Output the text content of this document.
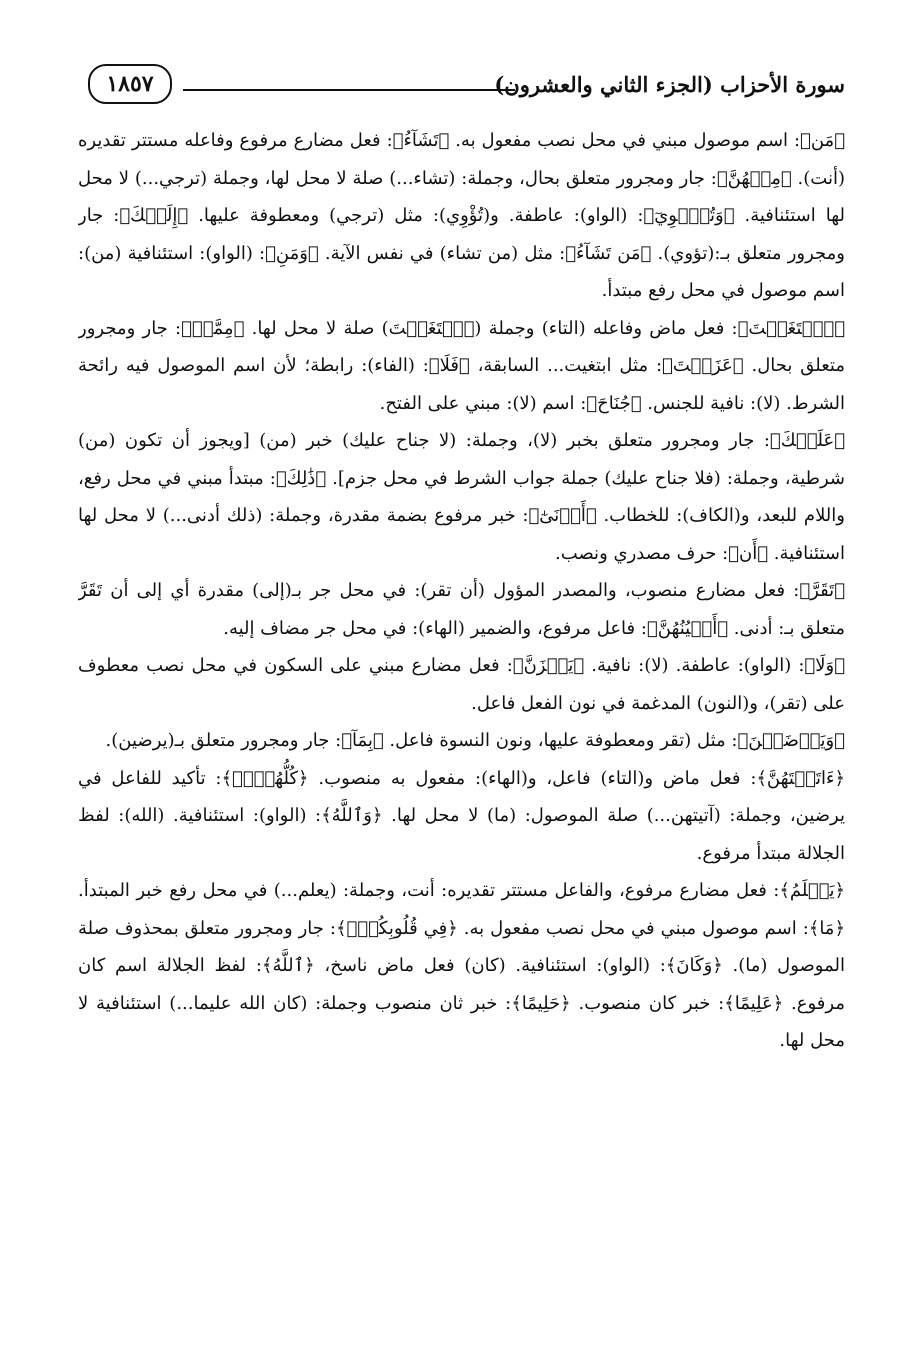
سورة الأحزاب (الجزء الثاني والعشرون)
١٨٥٧

﴿مَن﴾: اسم موصول مبني في محل نصب مفعول به. ﴿تَشَآءُ﴾: فعل مضارع مرفوع وفاعله مستتر تقديره (أنت). ﴿مِنۡهُنَّ﴾: جار ومجرور متعلق بحال، وجملة: (تشاء...) صلة لا محل لها، وجملة (ترجي...) لا محل لها استئنافية. ﴿وَتُـٔۡوِيٓ﴾: (الواو): عاطفة. و(تُؤْوِي): مثل (ترجي) ومعطوفة عليها. ﴿إِلَيۡكَ﴾: جار ومجرور متعلق بـ:(تؤوي). ﴿مَن تَشَآءُ﴾: مثل (من تشاء) في نفس الآية. ﴿وَمَنِ﴾: (الواو): استئنافية (من): اسم موصول في محل رفع مبتدأ.

﴿ٱبۡتَغَيۡتَ﴾: فعل ماض وفاعله (التاء) وجملة (ٱبۡتَغَيۡتَ) صلة لا محل لها. ﴿مِمَّنۡ﴾: جار ومجرور متعلق بحال. ﴿عَزَلۡتَ﴾: مثل ابتغيت... السابقة، ﴿فَلَا﴾: (الفاء): رابطة؛ لأن اسم الموصول فيه رائحة الشرط. (لا): نافية للجنس. ﴿جُنَاحَ﴾: اسم (لا): مبني على الفتح.

﴿عَلَيۡكَ﴾: جار ومجرور متعلق بخبر (لا)، وجملة: (لا جناح عليك) خبر (من) [ويجوز أن تكون (من) شرطية، وجملة: (فلا جناح عليك) جملة جواب الشرط في محل جزم]. ﴿ذَٰلِكَ﴾: مبتدأ مبني في محل رفع، واللام للبعد، و(الكاف): للخطاب. ﴿أَدۡنَىٰٓ﴾: خبر مرفوع بضمة مقدرة، وجملة: (ذلك أدنى...) لا محل لها استئنافية. ﴿أَن﴾: حرف مصدري ونصب.

﴿تَقَرَّ﴾: فعل مضارع منصوب، والمصدر المؤول (أن تقر): في محل جر بـ(إلى) مقدرة أي إلى أن تَقَرَّ متعلق بـ: أدنى. ﴿أَعۡيُنُهُنَّ﴾: فاعل مرفوع، والضمير (الهاء): في محل جر مضاف إليه.

﴿وَلَا﴾: (الواو): عاطفة. (لا): نافية. ﴿يَحۡزَنَّ﴾: فعل مضارع مبني على السكون في محل نصب معطوف على (تقر)، و(النون) المدغمة في نون الفعل فاعل.

﴿وَيَرۡضَيۡنَ﴾: مثل (تقر ومعطوفة عليها، ونون النسوة فاعل. ﴿بِمَآ﴾: جار ومجرور متعلق بـ(يرضين).

﴿ءَاتَيۡتَهُنَّ﴾: فعل ماض و(التاء) فاعل، و(الهاء): مفعول به منصوب. ﴿كُلُّهُنَّۚ﴾: تأكيد للفاعل في يرضين، وجملة: (آتيتهن...) صلة الموصول: (ما) لا محل لها. ﴿وَٱللَّهُ﴾: (الواو): استئنافية. (الله): لفظ الجلالة مبتدأ مرفوع.

﴿يَعۡلَمُ﴾: فعل مضارع مرفوع، والفاعل مستتر تقديره: أنت، وجملة: (يعلم...) في محل رفع خبر المبتدأ. ﴿مَا﴾: اسم موصول مبني في محل نصب مفعول به. ﴿فِي قُلُوبِكُمۡۚ﴾: جار ومجرور متعلق بمحذوف صلة الموصول (ما). ﴿وَكَانَ﴾: (الواو): استئنافية. (كان) فعل ماض ناسخ، ﴿ٱللَّهُ﴾: لفظ الجلالة اسم كان مرفوع. ﴿عَلِيمًا﴾: خبر كان منصوب. ﴿حَلِيمًا﴾: خبر ثان منصوب وجملة: (كان الله عليما...) استئنافية لا محل لها.
